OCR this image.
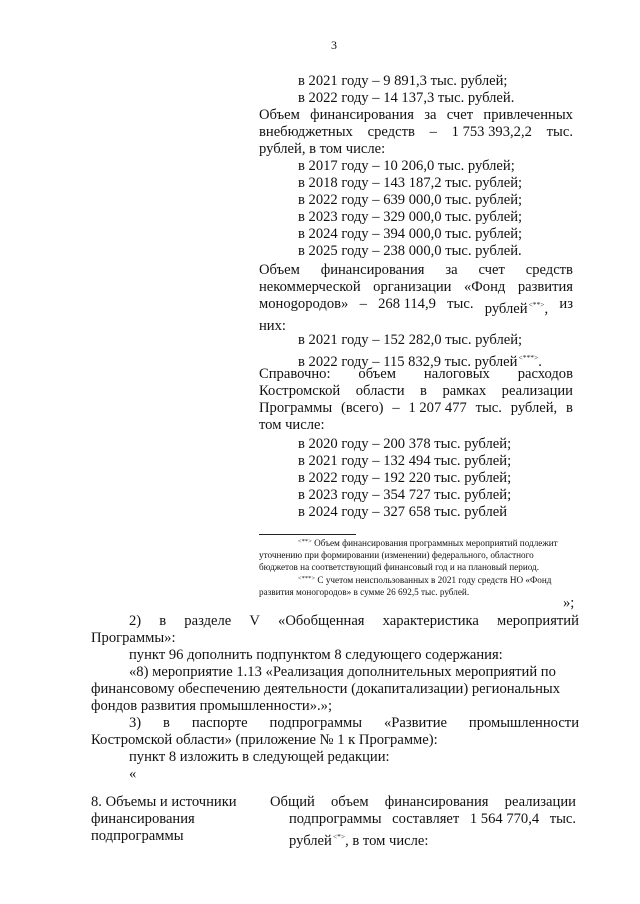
3
в 2021 году – 9 891,3 тыс. рублей;
в 2022 году – 14 137,3 тыс. рублей.
Объем финансирования за счет привлеченных
внебюджетных средств – 1 753 393,2,2 тыс.
рублей, в том числе:
в 2017 году – 10 206,0 тыс. рублей;
в 2018 году – 143 187,2 тыс. рублей;
в 2022 году – 639 000,0 тыс. рублей;
в 2023 году – 329 000,0 тыс. рублей;
в 2024 году – 394 000,0 тыс. рублей;
в 2025 году – 238 000,0 тыс. рублей.
Объем финансирования за счет средств
некоммерческой организации «Фонд развития
монogородов» – 268 114,9 тыс. рублей<**>, из
них:
в 2021 году – 152 282,0 тыс. рублей;
в 2022 году – 115 832,9 тыс. рублей<***>.
Справочно: объем налоговых расходов
Костромской области в рамках реализации
Программы (всего) – 1 207 477 тыс. рублей, в
том числе:
в 2020 году – 200 378 тыс. рублей;
в 2021 году – 132 494 тыс. рублей;
в 2022 году – 192 220 тыс. рублей;
в 2023 году – 354 727 тыс. рублей;
в 2024 году – 327 658 тыс. рублей
<**> Объем финансирования программных мероприятий подлежит
уточнению при формировании (изменении) федерального, областного
бюджетов на соответствующий финансовый год и на плановый период.
<***> С учетом неиспользованных в 2021 году средств НО «Фонд
развития моногородов» в сумме 26 692,5 тыс. рублей.
»;
2) в разделе V «Обобщенная характеристика мероприятий
Программы»:
пункт 96 дополнить подпунктом 8 следующего содержания:
«8) мероприятие 1.13 «Реализация дополнительных мероприятий по
финансовому обеспечению деятельности (докапитализации) региональных
фондов развития промышленности».»;
3) в паспорте подпрограммы «Развитие промышленности
Костромской области» (приложение № 1 к Программе):
пункт 8 изложить в следующей редакции:
«
8. Объемы и источники
финансирования
подпрограммы
Общий объем финансирования реализации
подпрограммы составляет 1 564 770,4 тыс.
рублей<*>, в том числе:
